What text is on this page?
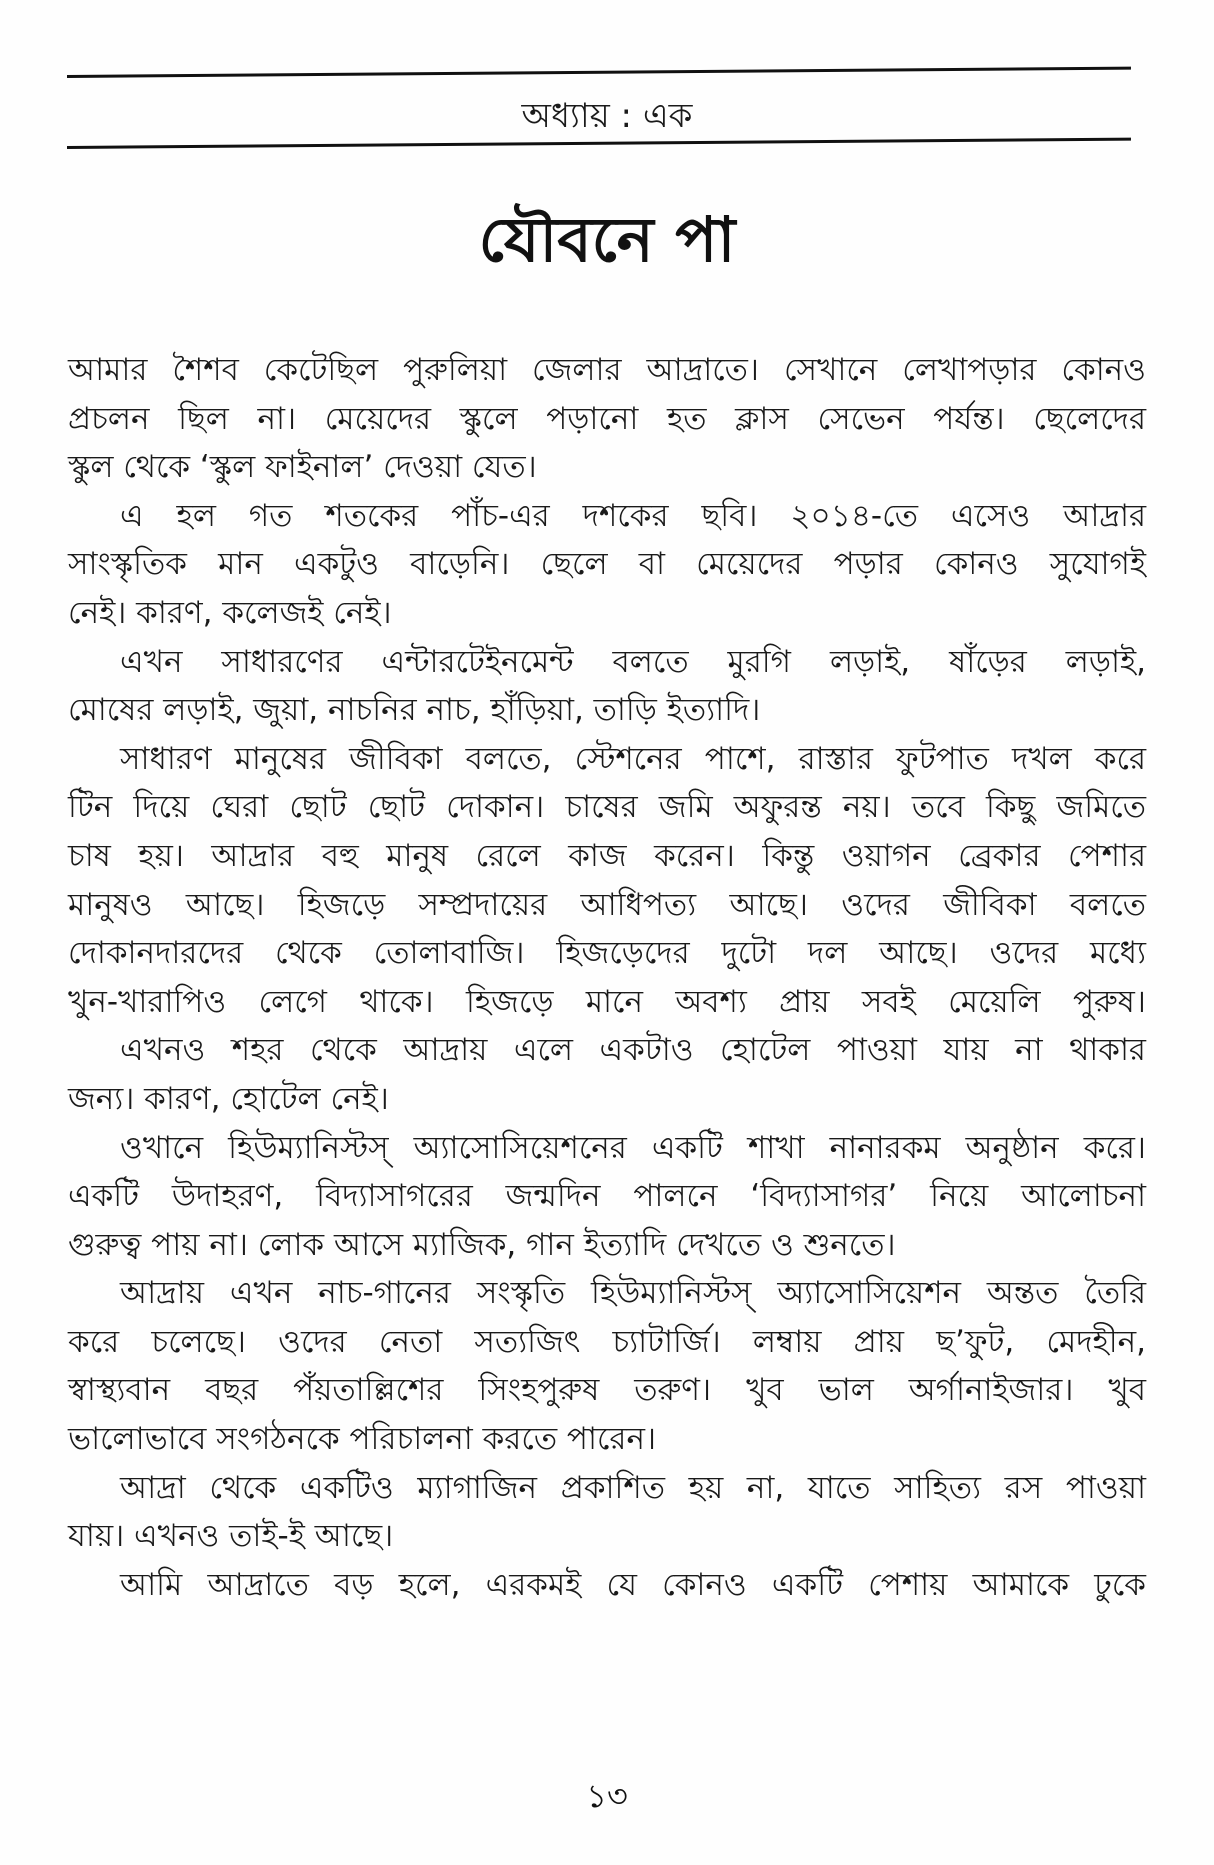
অধ্যায় : এক
যৌবনে পা
আমার শৈশব কেটেছিল পুরুলিয়া জেলার আদ্রাতে। সেখানে লেখাপড়ার কোনও
প্রচলন ছিল না। মেয়েদের স্কুলে পড়ানো হত ক্লাস সেভেন পর্যন্ত। ছেলেদের
স্কুল থেকে ‘স্কুল ফাইনাল’ দেওয়া যেত।
এ হল গত শতকের পাঁচ-এর দশকের ছবি। ২০১৪-তে এসেও আদ্রার
সাংস্কৃতিক মান একটুও বাড়েনি। ছেলে বা মেয়েদের পড়ার কোনও সুযোগই
নেই। কারণ, কলেজই নেই।
এখন সাধারণের এন্টারটেইনমেন্ট বলতে মুরগি লড়াই, ষাঁড়ের লড়াই,
মোষের লড়াই, জুয়া, নাচনির নাচ, হাঁড়িয়া, তাড়ি ইত্যাদি।
সাধারণ মানুষের জীবিকা বলতে, স্টেশনের পাশে, রাস্তার ফুটপাত দখল করে
টিন দিয়ে ঘেরা ছোট ছোট দোকান। চাষের জমি অফুরন্ত নয়। তবে কিছু জমিতে
চাষ হয়। আদ্রার বহু মানুষ রেলে কাজ করেন। কিন্তু ওয়াগন ব্রেকার পেশার
মানুষও আছে। হিজড়ে সম্প্রদায়ের আধিপত্য আছে। ওদের জীবিকা বলতে
দোকানদারদের থেকে তোলাবাজি। হিজড়েদের দুটো দল আছে। ওদের মধ্যে
খুন-খারাপিও লেগে থাকে। হিজড়ে মানে অবশ্য প্রায় সবই মেয়েলি পুরুষ।
এখনও শহর থেকে আদ্রায় এলে একটাও হোটেল পাওয়া যায় না থাকার
জন্য। কারণ, হোটেল নেই।
ওখানে হিউম্যানিস্টস্ অ্যাসোসিয়েশনের একটি শাখা নানারকম অনুষ্ঠান করে।
একটি উদাহরণ, বিদ্যাসাগরের জন্মদিন পালনে ‘বিদ্যাসাগর’ নিয়ে আলোচনা
গুরুত্ব পায় না। লোক আসে ম্যাজিক, গান ইত্যাদি দেখতে ও শুনতে।
আদ্রায় এখন নাচ-গানের সংস্কৃতি হিউম্যানিস্টস্ অ্যাসোসিয়েশন অন্তত তৈরি
করে চলেছে। ওদের নেতা সত্যজিৎ চ্যাটার্জি। লম্বায় প্রায় ছ’ফুট, মেদহীন,
স্বাস্থ্যবান বছর পঁয়তাল্লিশের সিংহপুরুষ তরুণ। খুব ভাল অর্গানাইজার। খুব
ভালোভাবে সংগঠনকে পরিচালনা করতে পারেন।
আদ্রা থেকে একটিও ম্যাগাজিন প্রকাশিত হয় না, যাতে সাহিত্য রস পাওয়া
যায়। এখনও তাই-ই আছে।
আমি আদ্রাতে বড় হলে, এরকমই যে কোনও একটি পেশায় আমাকে ঢুকে
১৩
